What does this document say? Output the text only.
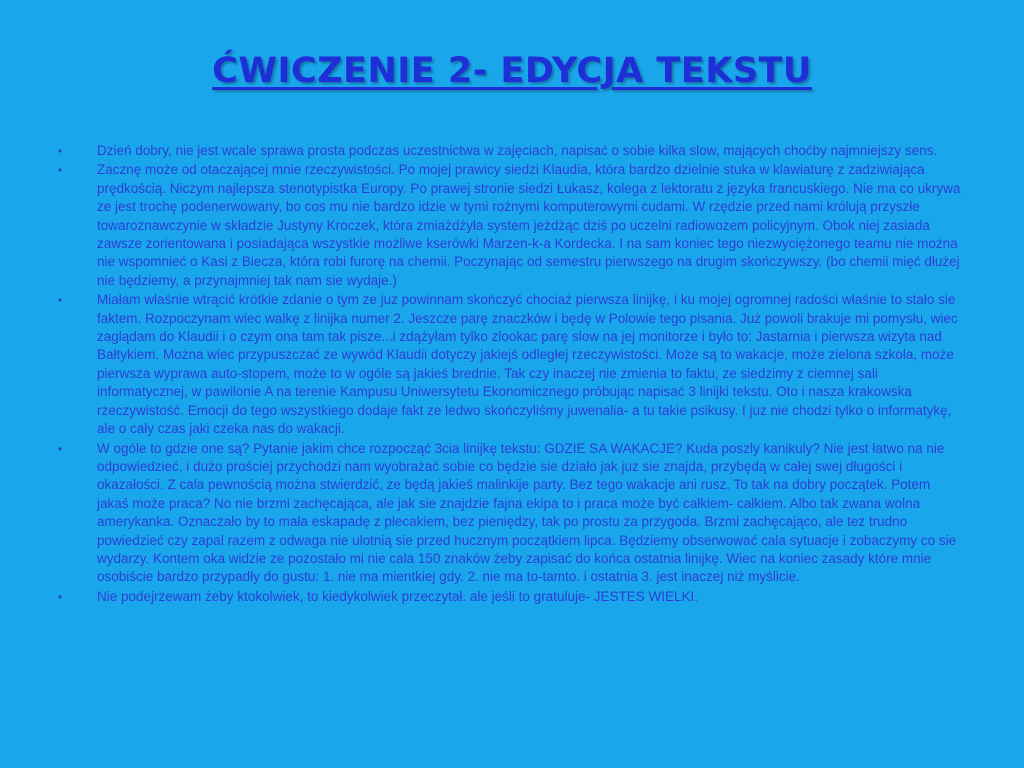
ĆWICZENIE 2- EDYCJA TEKSTU
•	Dzień dobry, nie jest wcale sprawa prosta podczas uczestnictwa w zajęciach, napisać o sobie kilka slow, mających choćby najmniejszy sens.
•	Zacznę może od otaczającej mnie rzeczywistości. Po mojej prawicy siedzi Klaudia, która bardzo dzielnie stuka w klawiaturę z zadziwiająca prędkością. Niczym najlepsza stenotypistka Europy. Po prawej stronie siedzi Łukasz, kolega z lektoratu z języka francuskiego. Nie ma co ukrywa ze jest trochę podenerwowany, bo cos mu nie bardzo idzie w tymi rożnymi komputerowymi cudami. W rzędzie przed nami królują przyszłe towaroznawczynie w składzie Justyny Kroczek, która zmiażdżyła system jeżdżąc dziś po uczelni radiowozem policyjnym. Obok niej zasiada zawsze zorientowana i posiadająca wszystkie możliwe kserówki Marzen-k-a Kordecka. I na sam koniec tego niezwyciężonego teamu nie można nie wspomnieć o Kasi z Biecza, która robi furorę na chemii. Poczynając od semestru pierwszego na drugim skończywszy. (bo chemii mięć dłużej nie będziemy, a przynajmniej tak nam sie wydaje.)
•	Miałam właśnie wtrącić krótkie zdanie o tym ze juz powinnam skończyć chociaż pierwsza linijkę, i ku mojej ogromnej radości właśnie to stało sie faktem. Rozpoczynam wiec walkę z linijka numer 2. Jeszcze parę znaczków i będę w Polowie tego pisania. Już powoli brakuje mi pomysłu, wiec zaglądam do Klaudii i o czym ona tam tak pisze...i zdążyłam tylko zlookac parę slow na jej monitorze i było to: Jastarnia i pierwsza wizyta nad Bałtykiem. Można wiec przypuszczać ze wywód Klaudii dotyczy jakiejś odległej rzeczywistości. Może są to wakacje, może zielona szkoła, może pierwsza wyprawa auto-stopem, może to w ogóle są jakieś brednie. Tak czy inaczej nie zmienia to faktu, ze siedzimy z ciemnej sali informatycznej, w pawilonie A na terenie Kampusu Uniwersytetu Ekonomicznego próbując napisać 3 linijki tekstu. Oto i nasza krakowska rzeczywistość. Emocji do tego wszystkiego dodaje fakt ze ledwo skończyliśmy juwenalia- a tu takie psikusy. I juz nie chodzi tylko o informatykę, ale o cały czas jaki czeka nas do wakacji.
•	W ogóle to gdzie one są? Pytanie jakim chce rozpocząć 3cia linijkę tekstu: GDZIE SA WAKACJE? Kuda poszly kanikuly? Nie jest łatwo na nie odpowiedzieć, i dużo prościej przychodzi nam wyobrażać sobie co będzie sie działo jak juz sie znajda, przybędą w całej swej długości i okazałości. Z cala pewnością można stwierdzić, ze będą jakieś malinkije party. Bez tego wakacje ani rusz. To tak na dobry początek. Potem jakaś może praca? No nie brzmi zachęcająca, ale jak sie znajdzie fajna ekipa to i praca może być całkiem- całkiem. Albo tak zwana wolna amerykanka. Oznaczało by to mała eskapadę z plecakiem, bez pieniędzy, tak po prostu za przygoda. Brzmi zachęcająco, ale tez trudno powiedzieć czy zapal razem z odwaga nie ulotnią sie przed hucznym początkiem lipca. Będziemy obserwować cala sytuacje i zobaczymy co sie wydarzy. Kontem oka widzie ze pozostało mi nie cala 150 znaków żeby zapisać do końca ostatnia linijkę. Wiec na koniec zasady które mnie osobiście bardzo przypadły do gustu: 1. nie ma mientkiej gdy. 2. nie ma to-tamto. i ostatnia 3. jest inaczej niż myślicie.
•	Nie podejrzewam żeby ktokolwiek, to kiedykolwiek przeczytał. ale jeśli to gratuluje- JESTES WIELKI.
